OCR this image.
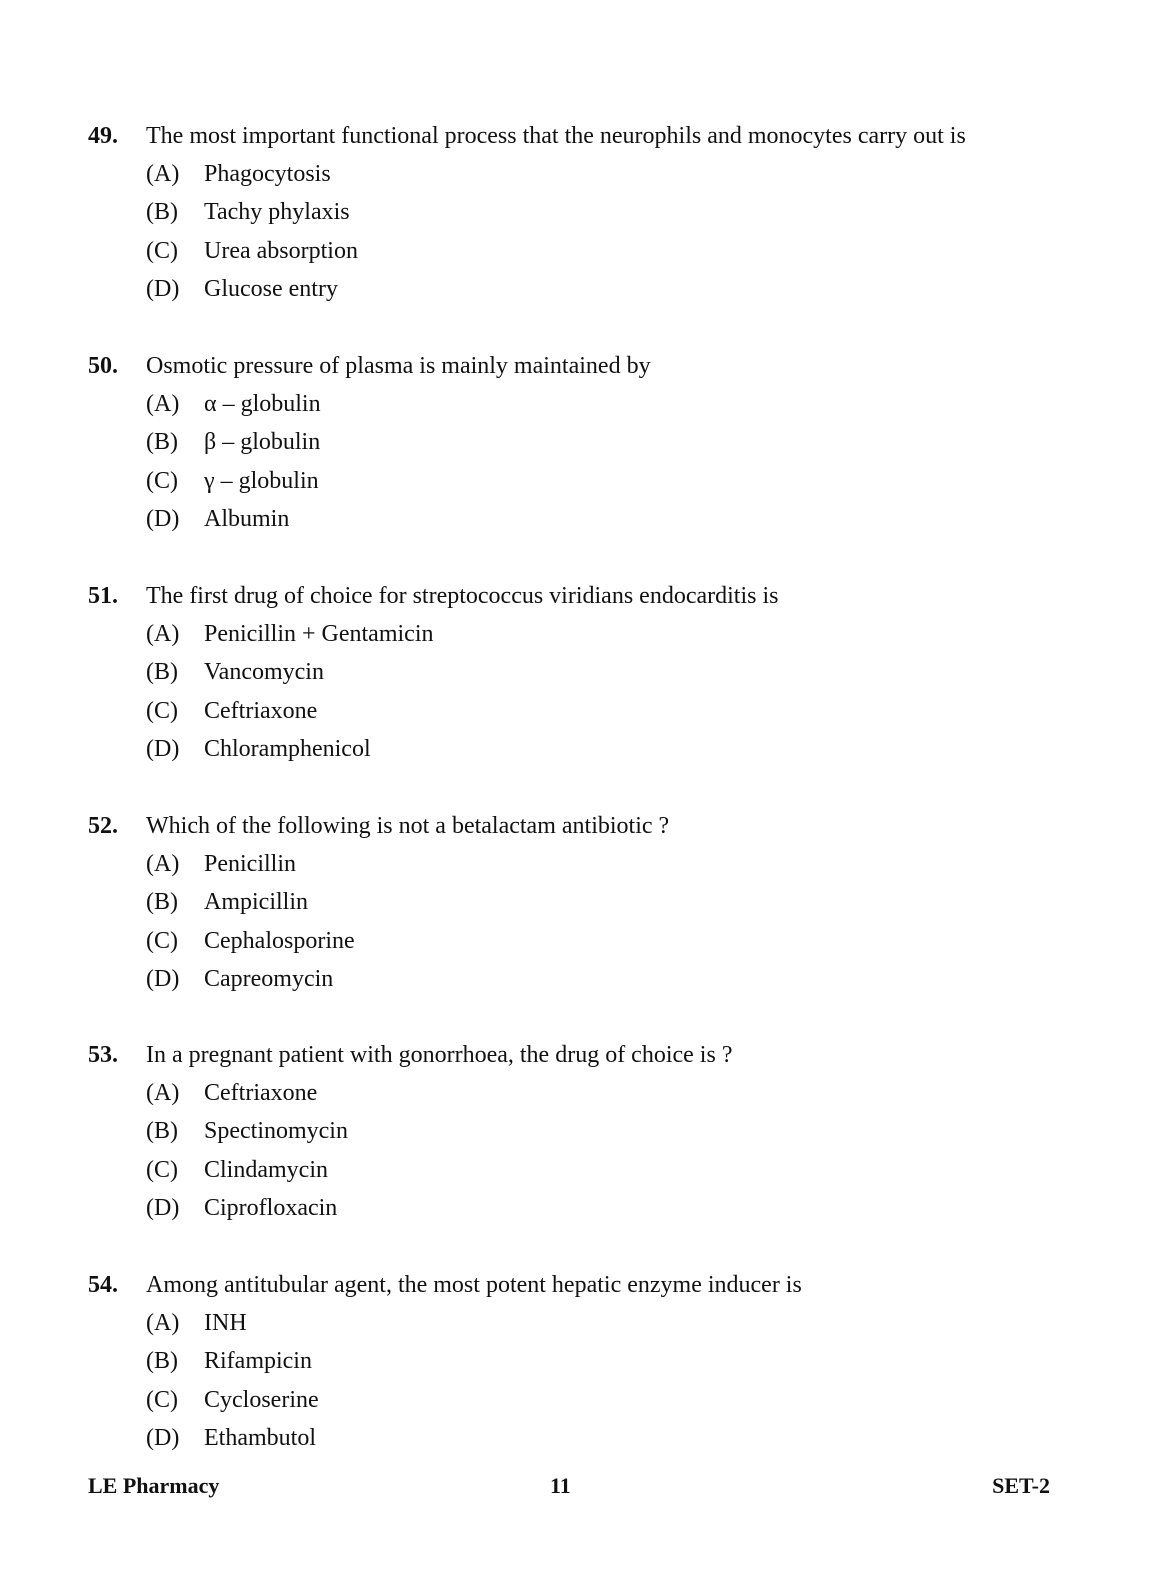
49.	The most important functional process that the neurophils and monocytes carry out is
(A)	Phagocytosis
(B)	Tachy phylaxis
(C)	Urea absorption
(D)	Glucose entry
50.	Osmotic pressure of plasma is mainly maintained by
(A)	α – globulin
(B)	β – globulin
(C)	γ – globulin
(D)	Albumin
51.	The first drug of choice for streptococcus viridians endocarditis is
(A)	Penicillin + Gentamicin
(B)	Vancomycin
(C)	Ceftriaxone
(D)	Chloramphenicol
52.	Which of the following is not a betalactam antibiotic ?
(A)	Penicillin
(B)	Ampicillin
(C)	Cephalosporine
(D)	Capreomycin
53.	In a pregnant patient with gonorrhoea, the drug of choice is ?
(A)	Ceftriaxone
(B)	Spectinomycin
(C)	Clindamycin
(D)	Ciprofloxacin
54.	Among antitubular agent, the most potent hepatic enzyme inducer is
(A)	INH
(B)	Rifampicin
(C)	Cycloserine
(D)	Ethambutol
LE Pharmacy	11	SET-2
